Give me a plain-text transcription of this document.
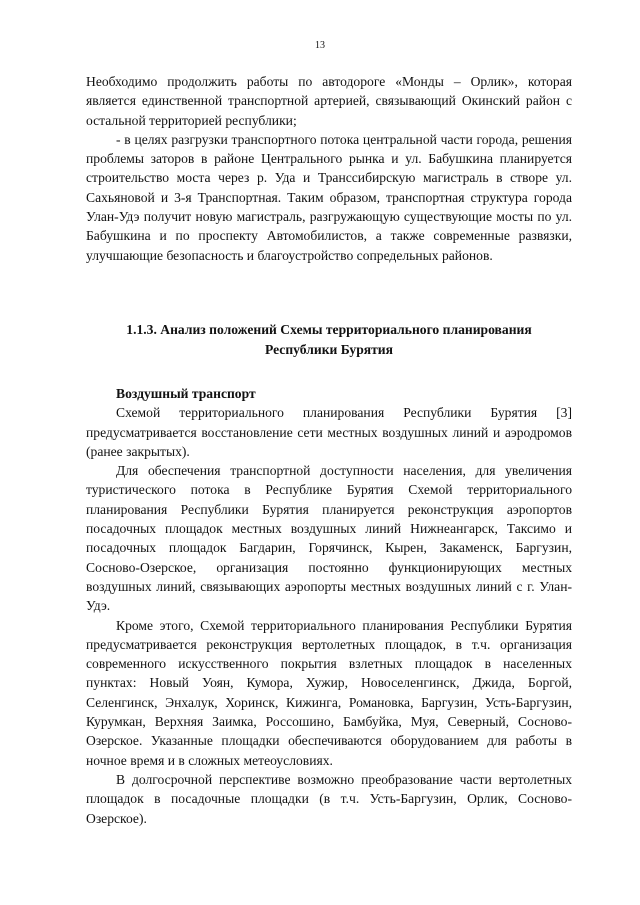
13

Необходимо продолжить работы по автодороге «Монды – Орлик», которая является единственной транспортной артерией, связывающий Окинский район с остальной территорией республики;

- в целях разгрузки транспортного потока центральной части города, решения проблемы заторов в районе Центрального рынка и ул. Бабушкина планируется строительство моста через р. Уда и Транссибирскую магистраль в створе ул. Сахьяновой и 3-я Транспортная. Таким образом, транспортная структура города Улан-Удэ получит новую магистраль, разгружающую существующие мосты по ул. Бабушкина и по проспекту Автомобилистов, а также современные развязки, улучшающие безопасность и благоустройство сопредельных районов.

1.1.3. Анализ положений Схемы территориального планирования

Республики Бурятия

Воздушный транспорт

Схемой территориального планирования Республики Бурятия [3] предусматривается восстановление сети местных воздушных линий и аэродромов (ранее закрытых).

Для обеспечения транспортной доступности населения, для увеличения туристического потока в Республике Бурятия Схемой территориального планирования Республики Бурятия планируется реконструкция аэропортов посадочных площадок местных воздушных линий Нижнеангарск, Таксимо и посадочных площадок Багдарин, Горячинск, Кырен, Закаменск, Баргузин, Сосново-Озерское, организация постоянно функционирующих местных воздушных линий, связывающих аэропорты местных воздушных линий с г. Улан-Удэ.

Кроме этого, Схемой территориального планирования Республики Бурятия предусматривается реконструкция вертолетных площадок, в т.ч. организация современного искусственного покрытия взлетных площадок в населенных пунктах: Новый Уоян, Кумора, Хужир, Новоселенгинск, Джида, Боргой, Селенгинск, Энхалук, Хоринск, Кижинга, Романовка, Баргузин, Усть-Баргузин, Курумкан, Верхняя Заимка, Россошино, Бамбуйка, Муя, Северный, Сосново-Озерское. Указанные площадки обеспечиваются оборудованием для работы в ночное время и в сложных метеоусловиях.

В долгосрочной перспективе возможно преобразование части вертолетных площадок в посадочные площадки (в т.ч. Усть-Баргузин, Орлик, Сосново-Озерское).
